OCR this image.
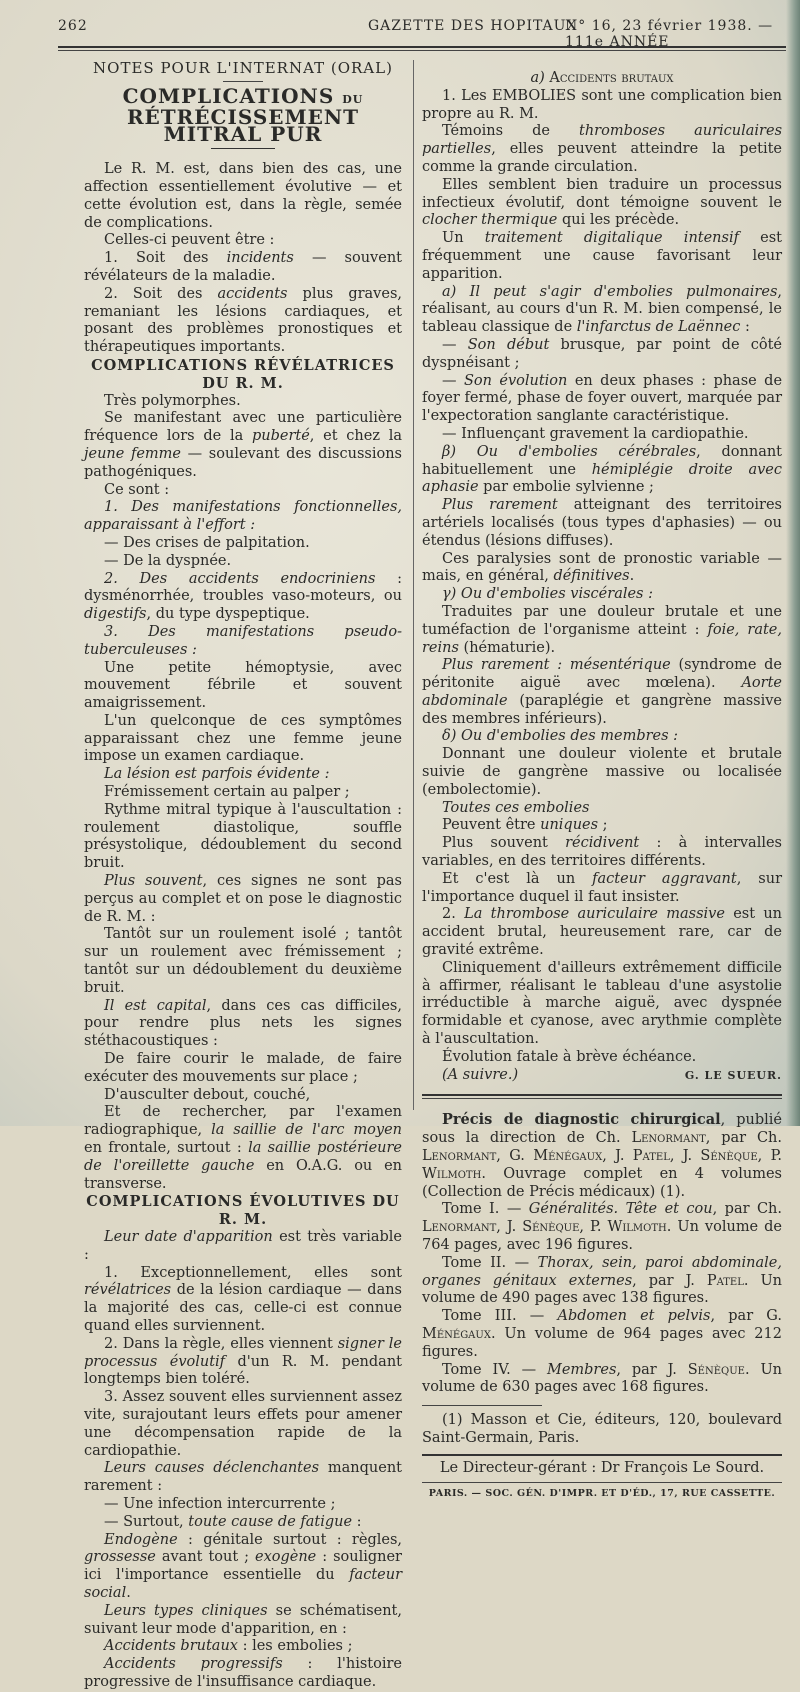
262	GAZETTE DES HOPITAUX
N° 16, 23 février 1938. — 111e ANNÉE

NOTES POUR L'INTERNAT (ORAL)

COMPLICATIONS DU RÉTRÉCISSEMENT MITRAL PUR

Le R. M. est, dans bien des cas, une affection essentiellement évolutive — et cette évolution est, dans la règle, semée de complications.

Celles-ci peuvent être :

1. Soit des incidents — souvent révélateurs de la maladie.

2. Soit des accidents plus graves, remaniant les lésions cardiaques, et posant des problèmes pronostiques et thérapeutiques importants.

COMPLICATIONS RÉVÉLATRICES DU R. M.

Très polymorphes.

Se manifestant avec une particulière fréquence lors de la puberté, et chez la jeune femme — soulevant des discussions pathogéniques.

Ce sont :

1. Des manifestations fonctionnelles, apparaissant à l'effort :

— Des crises de palpitation.

— De la dyspnée.

2. Des accidents endocriniens : dysménorrhée, troubles vaso-moteurs, ou digestifs, du type dyspeptique.

3. Des manifestations pseudo-tuberculeuses :

Une petite hémoptysie, avec mouvement fébrile et souvent amaigrissement.

L'un quelconque de ces symptômes apparaissant chez une femme jeune impose un examen cardiaque.

La lésion est parfois évidente :

Frémissement certain au palper ;

Rythme mitral typique à l'auscultation : roulement diastolique, souffle présystolique, dédoublement du second bruit.

Plus souvent, ces signes ne sont pas perçus au complet et on pose le diagnostic de R. M. :

Tantôt sur un roulement isolé ; tantôt sur un roulement avec frémissement ; tantôt sur un dédoublement du deuxième bruit.

Il est capital, dans ces cas difficiles, pour rendre plus nets les signes stéthacoustiques :

De faire courir le malade, de faire exécuter des mouvements sur place ;

D'ausculter debout, couché,

Et de rechercher, par l'examen radiographique, la saillie de l'arc moyen en frontale, surtout : la saillie postérieure de l'oreillette gauche en O.A.G. ou en transverse.

COMPLICATIONS ÉVOLUTIVES DU R. M.

Leur date d'apparition est très variable :

1. Exceptionnellement, elles sont révélatrices de la lésion cardiaque — dans la majorité des cas, celle-ci est connue quand elles surviennent.

2. Dans la règle, elles viennent signer le processus évolutif d'un R. M. pendant longtemps bien toléré.

3. Assez souvent elles surviennent assez vite, surajoutant leurs effets pour amener une décompensation rapide de la cardiopathie.

Leurs causes déclenchantes manquent rarement :

— Une infection intercurrente ;

— Surtout, toute cause de fatigue :

Endogène : génitale surtout : règles, grossesse avant tout ; exogène : souligner ici l'importance essentielle du facteur social.

Leurs types cliniques se schématisent, suivant leur mode d'apparition, en :

Accidents brutaux : les embolies ;

Accidents progressifs : l'histoire progressive de l'insuffisance cardiaque.

a) Accidents brutaux

1. Les EMBOLIES sont une complication bien propre au R. M.

Témoins de thromboses auriculaires partielles, elles peuvent atteindre la petite comme la grande circulation.

Elles semblent bien traduire un processus infectieux évolutif, dont témoigne souvent le clocher thermique qui les précède.

Un traitement digitalique intensif est fréquemment une cause favorisant leur apparition.

a) Il peut s'agir d'embolies pulmonaires, réalisant, au cours d'un R. M. bien compensé, le tableau classique de l'infarctus de Laënnec :

— Son début brusque, par point de côté dyspnéisant ;

— Son évolution en deux phases : phase de foyer fermé, phase de foyer ouvert, marquée par l'expectoration sanglante caractéristique.

— Influençant gravement la cardiopathie.

β) Ou d'embolies cérébrales, donnant habituellement une hémiplégie droite avec aphasie par embolie sylvienne ;

Plus rarement atteignant des territoires artériels localisés (tous types d'aphasies) — ou étendus (lésions diffuses).

Ces paralysies sont de pronostic variable — mais, en général, définitives.

γ) Ou d'embolies viscérales :

Traduites par une douleur brutale et une tuméfaction de l'organisme atteint : foie, rate, reins (hématurie).

Plus rarement : mésentérique (syndrome de péritonite aiguë avec mœlena). Aorte abdominale (paraplégie et gangrène massive des membres inférieurs).

δ) Ou d'embolies des membres :

Donnant une douleur violente et brutale suivie de gangrène massive ou localisée (embolectomie).

Toutes ces embolies

Peuvent être uniques ;

Plus souvent récidivent : à intervalles variables, en des territoires différents.

Et c'est là un facteur aggravant, sur l'importance duquel il faut insister.

2. La thrombose auriculaire massive est un accident brutal, heureusement rare, car de gravité extrême.

Cliniquement d'ailleurs extrêmement difficile à affirmer, réalisant le tableau d'une asystolie irréductible à marche aiguë, avec dyspnée formidable et cyanose, avec arythmie complète à l'auscultation.

Évolution fatale à brève échéance.

(A suivre.)	G. LE SUEUR.

Précis de diagnostic chirurgical, publié sous la direction de Ch. Lenormant, par Ch. Lenormant, G. Ménégaux, J. Patel, J. Sénèque, P. Wilmoth. Ouvrage complet en 4 volumes (Collection de Précis médicaux) (1).

Tome I. — Généralités. Tête et cou, par Ch. Lenormant, J. Sénèque, P. Wilmoth. Un volume de 764 pages, avec 196 figures.

Tome II. — Thorax, sein, paroi abdominale, organes génitaux externes, par J. Patel. Un volume de 490 pages avec 138 figures.

Tome III. — Abdomen et pelvis, par G. Ménégaux. Un volume de 964 pages avec 212 figures.

Tome IV. — Membres, par J. Sénèque. Un volume de 630 pages avec 168 figures.

(1) Masson et Cie, éditeurs, 120, boulevard Saint-Germain, Paris.

Le Directeur-gérant : Dr François Le Sourd.
PARIS. — SOC. GÉN. D'IMPR. ET D'ÉD., 17, RUE CASSETTE.
